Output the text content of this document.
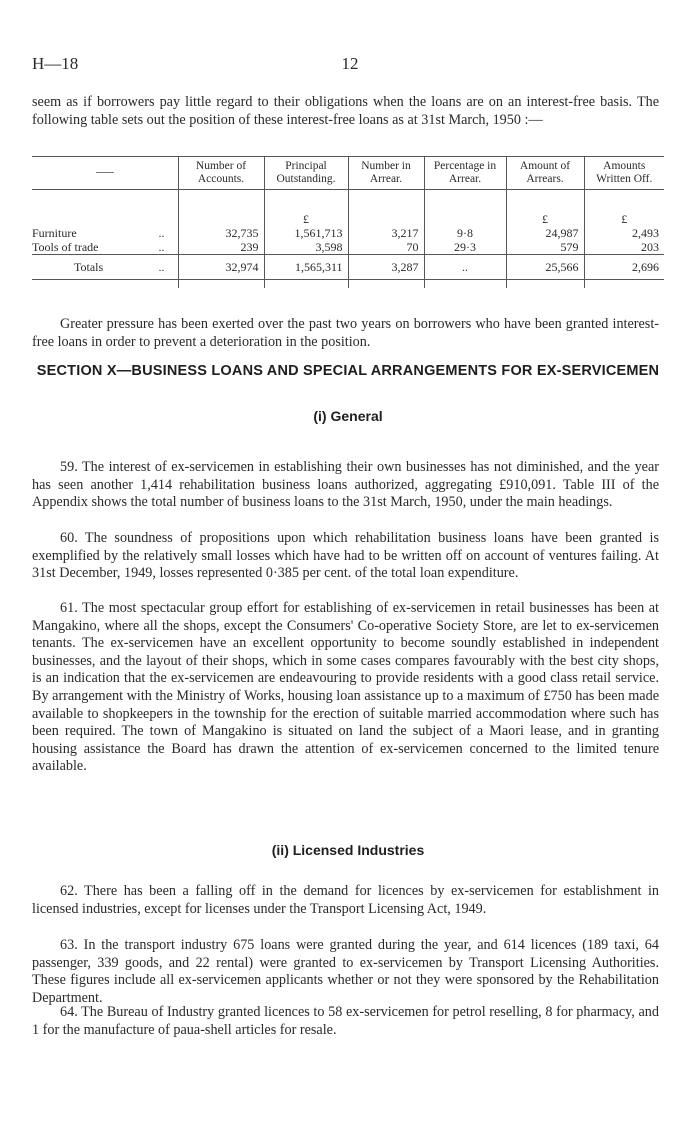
H—18	12

seem as if borrowers pay little regard to their obligations when the loans are on an interest-free basis. The following table sets out the position of these interest-free loans as at 31st March, 1950 :—

	Number of Accounts.	Principal Outstanding.	Number in Arrear.	Percentage in Arrear.	Amount of Arrears.	Amounts Written Off.

		£			£	£
Furniture ..	32,735	1,561,713	3,217	9·8	24,987	2,493
Tools of trade ..	239	3,598	70	29·3	579	203
Totals ..	32,974	1,565,311	3,287	..	25,566	2,696

Greater pressure has been exerted over the past two years on borrowers who have been granted interest-free loans in order to prevent a deterioration in the position.

SECTION X—BUSINESS LOANS AND SPECIAL ARRANGEMENTS FOR EX-SERVICEMEN
(i) General

59. The interest of ex-servicemen in establishing their own businesses has not diminished, and the year has seen another 1,414 rehabilitation business loans authorized, aggregating £910,091. Table III of the Appendix shows the total number of business loans to the 31st March, 1950, under the main headings.

60. The soundness of propositions upon which rehabilitation business loans have been granted is exemplified by the relatively small losses which have had to be written off on account of ventures failing. At 31st December, 1949, losses represented 0·385 per cent. of the total loan expenditure.

61. The most spectacular group effort for establishing of ex-servicemen in retail businesses has been at Mangakino, where all the shops, except the Consumers' Co-operative Society Store, are let to ex-servicemen tenants. The ex-servicemen have an excellent opportunity to become soundly established in independent businesses, and the layout of their shops, which in some cases compares favourably with the best city shops, is an indication that the ex-servicemen are endeavouring to provide residents with a good class retail service. By arrangement with the Ministry of Works, housing loan assistance up to a maximum of £750 has been made available to shopkeepers in the township for the erection of suitable married accommodation where such has been required. The town of Mangakino is situated on land the subject of a Maori lease, and in granting housing assistance the Board has drawn the attention of ex-servicemen concerned to the limited tenure available.

(ii) Licensed Industries

62. There has been a falling off in the demand for licences by ex-servicemen for establishment in licensed industries, except for licenses under the Transport Licensing Act, 1949.

63. In the transport industry 675 loans were granted during the year, and 614 licences (189 taxi, 64 passenger, 339 goods, and 22 rental) were granted to ex-servicemen by Transport Licensing Authorities. These figures include all ex-servicemen applicants whether or not they were sponsored by the Rehabilitation Department.

64. The Bureau of Industry granted licences to 58 ex-servicemen for petrol reselling, 8 for pharmacy, and 1 for the manufacture of paua-shell articles for resale.
